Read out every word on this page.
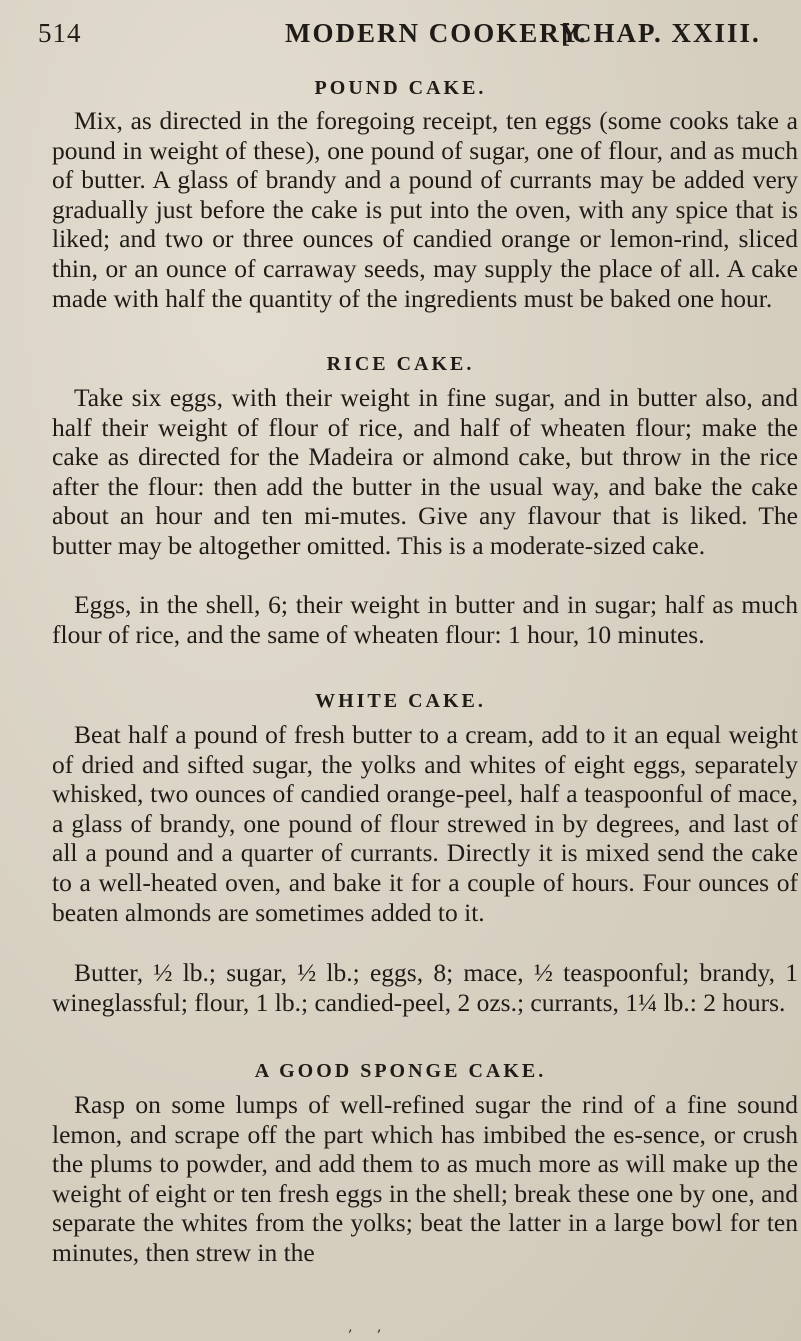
514	MODERN COOKERY.
[CHAP. XXIII.
POUND CAKE.

Mix, as directed in the foregoing receipt, ten eggs (some cooks take a pound in weight of these), one pound of sugar, one of flour, and as much of butter. A glass of brandy and a pound of currants may be added very gradually just before the cake is put into the oven, with any spice that is liked; and two or three ounces of candied orange or lemon-rind, sliced thin, or an ounce of carraway seeds, may supply the place of all. A cake made with half the quantity of the ingredients must be baked one hour.

RICE CAKE.

Take six eggs, with their weight in fine sugar, and in butter also, and half their weight of flour of rice, and half of wheaten flour; make the cake as directed for the Madeira or almond cake, but throw in the rice after the flour: then add the butter in the usual way, and bake the cake about an hour and ten mi-mutes. Give any flavour that is liked. The butter may be altogether omitted. This is a moderate-sized cake.

Eggs, in the shell, 6; their weight in butter and in sugar; half as much flour of rice, and the same of wheaten flour: 1 hour, 10 minutes.

WHITE CAKE.

Beat half a pound of fresh butter to a cream, add to it an equal weight of dried and sifted sugar, the yolks and whites of eight eggs, separately whisked, two ounces of candied orange-peel, half a teaspoonful of mace, a glass of brandy, one pound of flour strewed in by degrees, and last of all a pound and a quarter of currants. Directly it is mixed send the cake to a well-heated oven, and bake it for a couple of hours. Four ounces of beaten almonds are sometimes added to it.

Butter, ½ lb.; sugar, ½ lb.; eggs, 8; mace, ½ teaspoonful; brandy, 1 wineglassful; flour, 1 lb.; candied-peel, 2 ozs.; currants, 1¼ lb.: 2 hours.

A GOOD SPONGE CAKE.

Rasp on some lumps of well-refined sugar the rind of a fine sound lemon, and scrape off the part which has imbibed the es-sence, or crush the plums to powder, and add them to as much more as will make up the weight of eight or ten fresh eggs in the shell; break these one by one, and separate the whites from the yolks; beat the latter in a large bowl for ten minutes, then strew in the

‚ ‚
